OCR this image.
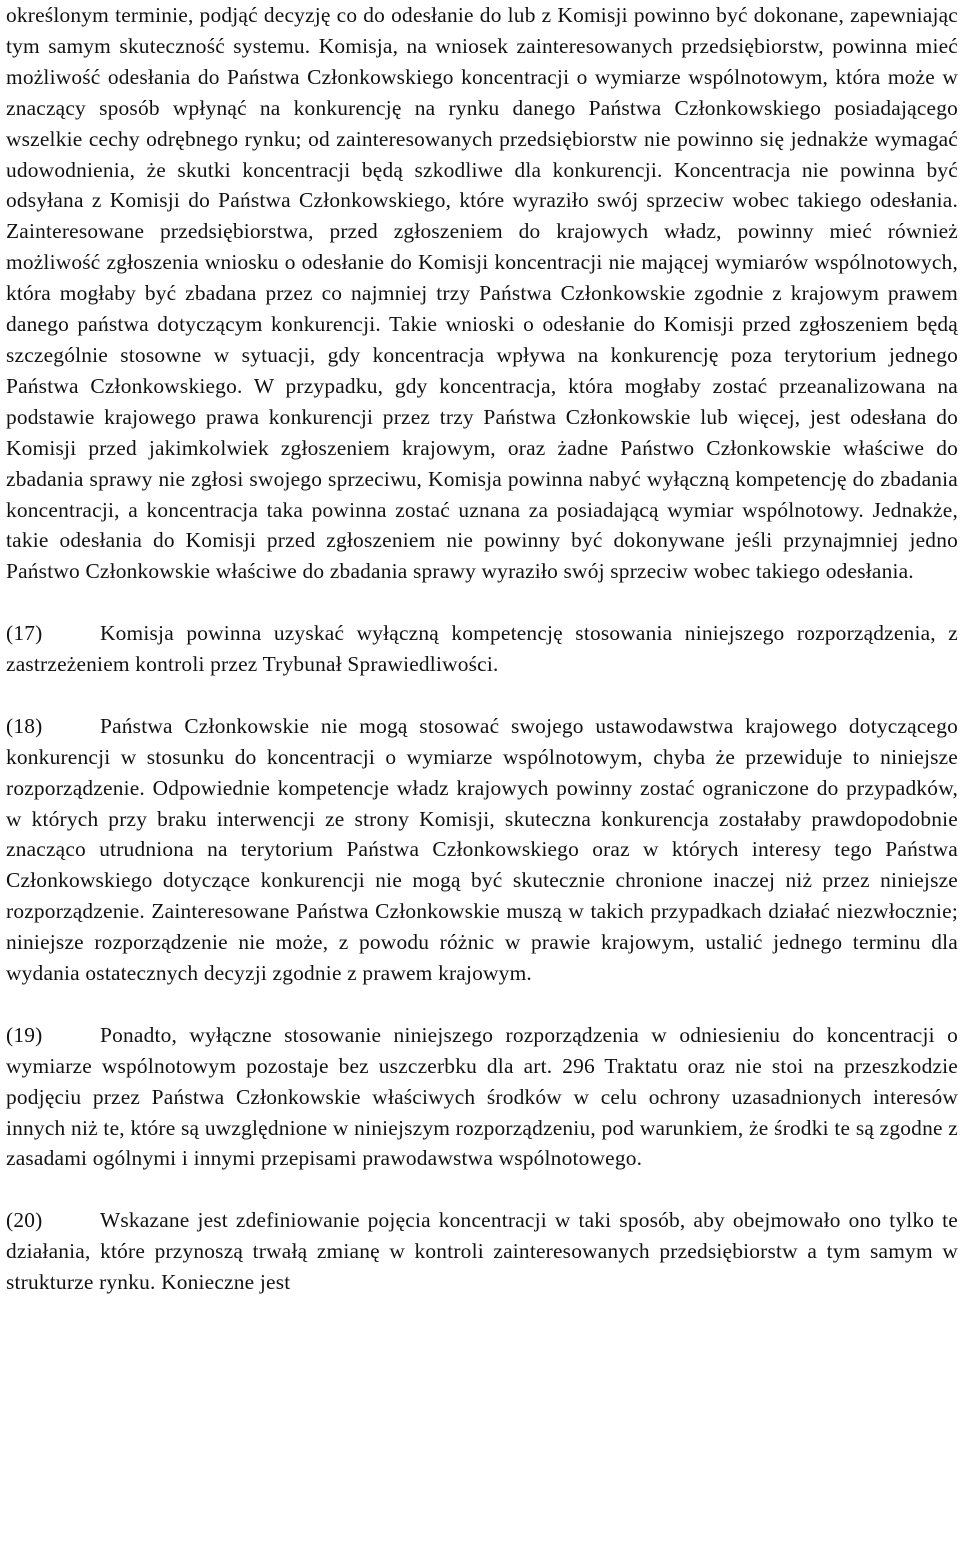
określonym terminie, podjąć decyzję co do odesłanie do lub z Komisji powinno być dokonane, zapewniając tym samym skuteczność systemu. Komisja, na wniosek zainteresowanych przedsiębiorstw, powinna mieć możliwość odesłania do Państwa Członkowskiego koncentracji o wymiarze wspólnotowym, która może w znaczący sposób wpłynąć na konkurencję na rynku danego Państwa Członkowskiego posiadającego wszelkie cechy odrębnego rynku; od zainteresowanych przedsiębiorstw nie powinno się jednakże wymagać udowodnienia, że skutki koncentracji będą szkodliwe dla konkurencji. Koncentracja nie powinna być odsyłana z Komisji do Państwa Członkowskiego, które wyraziło swój sprzeciw wobec takiego odesłania. Zainteresowane przedsiębiorstwa, przed zgłoszeniem do krajowych władz, powinny mieć również możliwość zgłoszenia wniosku o odesłanie do Komisji koncentracji nie mającej wymiarów wspólnotowych, która mogłaby być zbadana przez co najmniej trzy Państwa Członkowskie zgodnie z krajowym prawem danego państwa dotyczącym konkurencji. Takie wnioski o odesłanie do Komisji przed zgłoszeniem będą szczególnie stosowne w sytuacji, gdy koncentracja wpływa na konkurencję poza terytorium jednego Państwa Członkowskiego. W przypadku, gdy koncentracja, która mogłaby zostać przeanalizowana na podstawie krajowego prawa konkurencji przez trzy Państwa Członkowskie lub więcej, jest odesłana do Komisji przed jakimkolwiek zgłoszeniem krajowym, oraz żadne Państwo Członkowskie właściwe do zbadania sprawy nie zgłosi swojego sprzeciwu, Komisja powinna nabyć wyłączną kompetencję do zbadania koncentracji, a koncentracja taka powinna zostać uznana za posiadającą wymiar wspólnotowy. Jednakże, takie odesłania do Komisji przed zgłoszeniem nie powinny być dokonywane jeśli przynajmniej jedno Państwo Członkowskie właściwe do zbadania sprawy wyraziło swój sprzeciw wobec takiego odesłania.

(17)	Komisja powinna uzyskać wyłączną kompetencję stosowania niniejszego rozporządzenia, z zastrzeżeniem kontroli przez Trybunał Sprawiedliwości.

(18)	Państwa Członkowskie nie mogą stosować swojego ustawodawstwa krajowego dotyczącego konkurencji w stosunku do koncentracji o wymiarze wspólnotowym, chyba że przewiduje to niniejsze rozporządzenie. Odpowiednie kompetencje władz krajowych powinny zostać ograniczone do przypadków, w których przy braku interwencji ze strony Komisji, skuteczna konkurencja zostałaby prawdopodobnie znacząco utrudniona na terytorium Państwa Członkowskiego oraz w których interesy tego Państwa Członkowskiego dotyczące konkurencji nie mogą być skutecznie chronione inaczej niż przez niniejsze rozporządzenie. Zainteresowane Państwa Członkowskie muszą w takich przypadkach działać niezwłocznie; niniejsze rozporządzenie nie może, z powodu różnic w prawie krajowym, ustalić jednego terminu dla wydania ostatecznych decyzji zgodnie z prawem krajowym.

(19)	Ponadto, wyłączne stosowanie niniejszego rozporządzenia w odniesieniu do koncentracji o wymiarze wspólnotowym pozostaje bez uszczerbku dla art. 296 Traktatu oraz nie stoi na przeszkodzie podjęciu przez Państwa Członkowskie właściwych środków w celu ochrony uzasadnionych interesów innych niż te, które są uwzględnione w niniejszym rozporządzeniu, pod warunkiem, że środki te są zgodne z zasadami ogólnymi i innymi przepisami prawodawstwa wspólnotowego.

(20)	Wskazane jest zdefiniowanie pojęcia koncentracji w taki sposób, aby obejmowało ono tylko te działania, które przynoszą trwałą zmianę w kontroli zainteresowanych przedsiębiorstw a tym samym w strukturze rynku. Konieczne jest
